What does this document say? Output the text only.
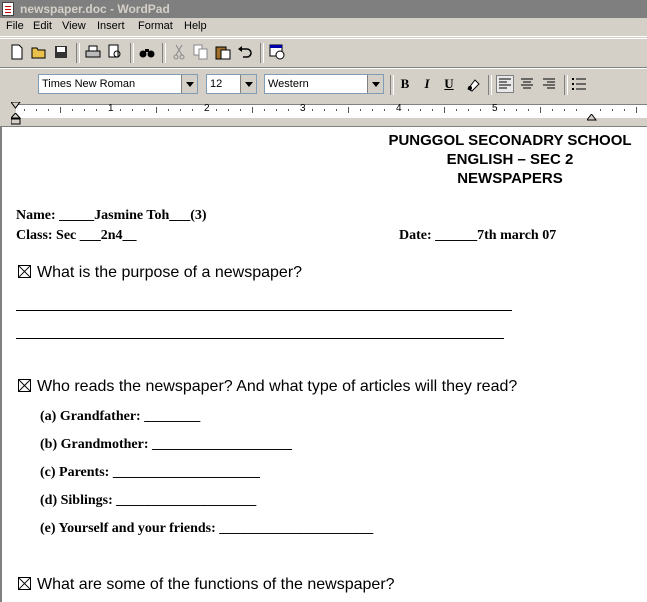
newspaper.doc - WordPad
File Edit View Insert Format Help
Times New Roman	12	Western	B	I	U
1	2	3	4	5
PUNGGOL SECONADRY SCHOOL
ENGLISH – SEC 2
NEWSPAPERS
Name: _____Jasmine Toh___(3)
Class: Sec ___2n4__	Date: ______7th march 07
What is the purpose of a newspaper?
Who reads the newspaper? And what type of articles will they read?
(a) Grandfather: ________
(b) Grandmother: ____________________
(c) Parents: _____________________
(d) Siblings: ____________________
(e) Yourself and your friends: ______________________
What are some of the functions of the newspaper?
